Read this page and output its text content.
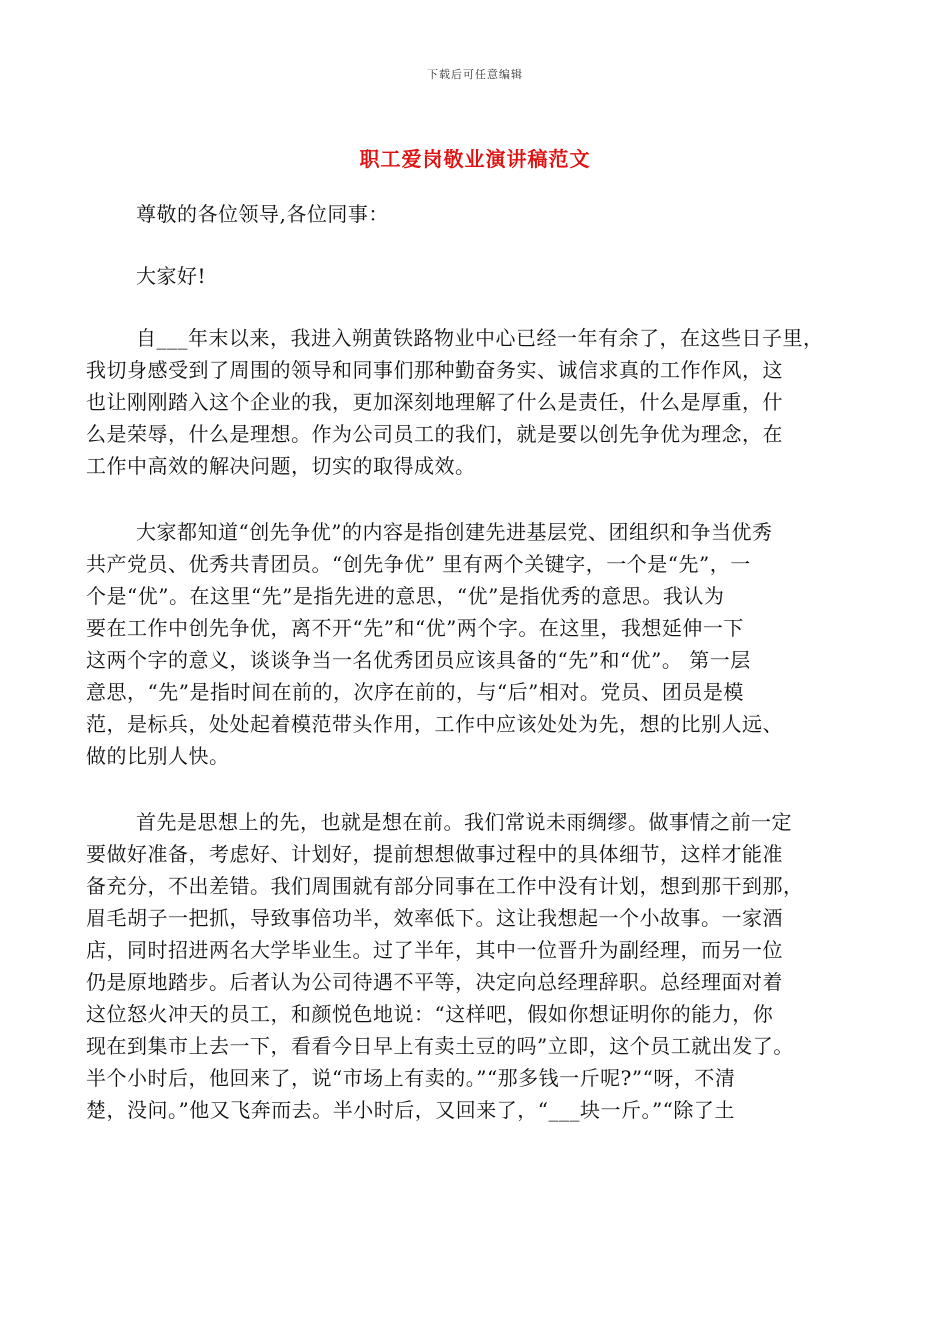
下载后可任意编辑
职工爱岗敬业演讲稿范文
尊敬的各位领导,各位同事：
大家好!
自___年末以来，我进入朔黄铁路物业中心已经一年有余了，在这些日子里，
我切身感受到了周围的领导和同事们那种勤奋务实、诚信求真的工作作风，这
也让刚刚踏入这个企业的我，更加深刻地理解了什么是责任，什么是厚重，什
么是荣辱，什么是理想。作为公司员工的我们，就是要以创先争优为理念，在
工作中高效的解决问题，切实的取得成效。
大家都知道“创先争优”的内容是指创建先进基层党、团组织和争当优秀
共产党员、优秀共青团员。“创先争优” 里有两个关键字，一个是“先”，一
个是“优”。在这里“先”是指先进的意思，“优”是指优秀的意思。我认为
要在工作中创先争优，离不开“先”和“优”两个字。在这里，我想延伸一下
这两个字的意义，谈谈争当一名优秀团员应该具备的“先”和“优”。 第一层
意思，“先”是指时间在前的，次序在前的，与“后”相对。党员、团员是模
范，是标兵，处处起着模范带头作用，工作中应该处处为先，想的比别人远、
做的比别人快。
首先是思想上的先，也就是想在前。我们常说未雨绸缪。做事情之前一定
要做好准备，考虑好、计划好，提前想想做事过程中的具体细节，这样才能准
备充分，不出差错。我们周围就有部分同事在工作中没有计划，想到那干到那，
眉毛胡子一把抓，导致事倍功半，效率低下。这让我想起一个小故事。一家酒
店，同时招进两名大学毕业生。过了半年，其中一位晋升为副经理，而另一位
仍是原地踏步。后者认为公司待遇不平等，决定向总经理辞职。总经理面对着
这位怒火冲天的员工，和颜悦色地说：“这样吧，假如你想证明你的能力，你
现在到集市上去一下，看看今日早上有卖土豆的吗”立即，这个员工就出发了。
半个小时后，他回来了，说“市场上有卖的。”“那多钱一斤呢?”“呀，不清
楚，没问。”他又飞奔而去。半小时后，又回来了，“___块一斤。”“除了土
